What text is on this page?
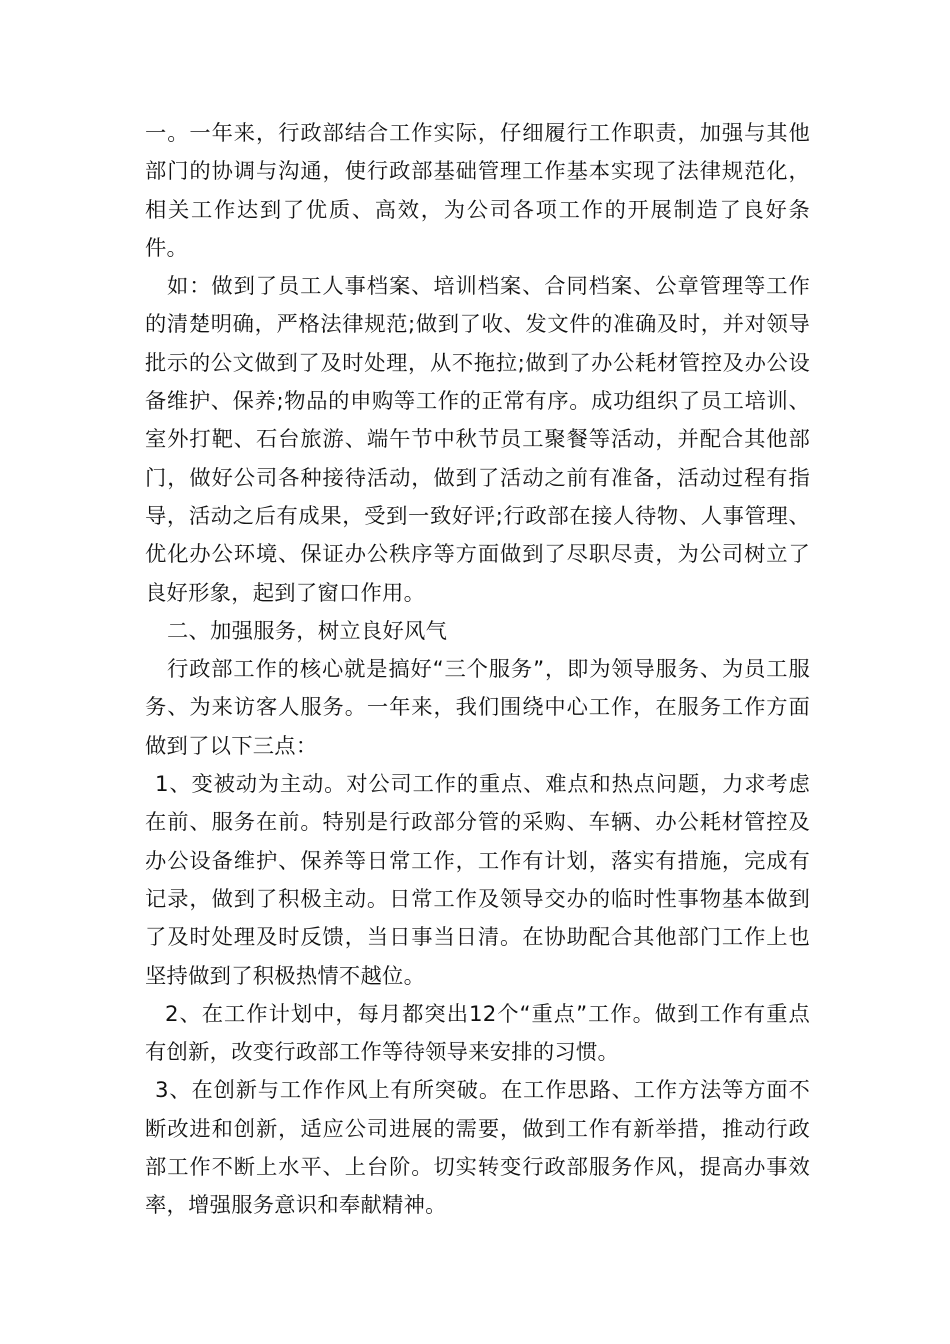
一。一年来，行政部结合工作实际，仔细履行工作职责，加强与其他部门的协调与沟通，使行政部基础管理工作基本实现了法律规范化，相关工作达到了优质、高效，为公司各项工作的开展制造了良好条件。

如：做到了员工人事档案、培训档案、合同档案、公章管理等工作的清楚明确，严格法律规范;做到了收、发文件的准确及时，并对领导批示的公文做到了及时处理，从不拖拉;做到了办公耗材管控及办公设备维护、保养;物品的申购等工作的正常有序。成功组织了员工培训、室外打靶、石台旅游、端午节中秋节员工聚餐等活动，并配合其他部门，做好公司各种接待活动，做到了活动之前有准备，活动过程有指导，活动之后有成果，受到一致好评;行政部在接人待物、人事管理、优化办公环境、保证办公秩序等方面做到了尽职尽责，为公司树立了良好形象，起到了窗口作用。

二、加强服务，树立良好风气

行政部工作的核心就是搞好“三个服务”，即为领导服务、为员工服务、为来访客人服务。一年来，我们围绕中心工作，在服务工作方面做到了以下三点：

1、变被动为主动。对公司工作的重点、难点和热点问题，力求考虑在前、服务在前。特别是行政部分管的采购、车辆、办公耗材管控及办公设备维护、保养等日常工作，工作有计划，落实有措施，完成有记录，做到了积极主动。日常工作及领导交办的临时性事物基本做到了及时处理及时反馈，当日事当日清。在协助配合其他部门工作上也坚持做到了积极热情不越位。

2、在工作计划中，每月都突出12个“重点”工作。做到工作有重点有创新，改变行政部工作等待领导来安排的习惯。

3、在创新与工作作风上有所突破。在工作思路、工作方法等方面不断改进和创新，适应公司进展的需要，做到工作有新举措，推动行政部工作不断上水平、上台阶。切实转变行政部服务作风，提高办事效率，增强服务意识和奉献精神。
